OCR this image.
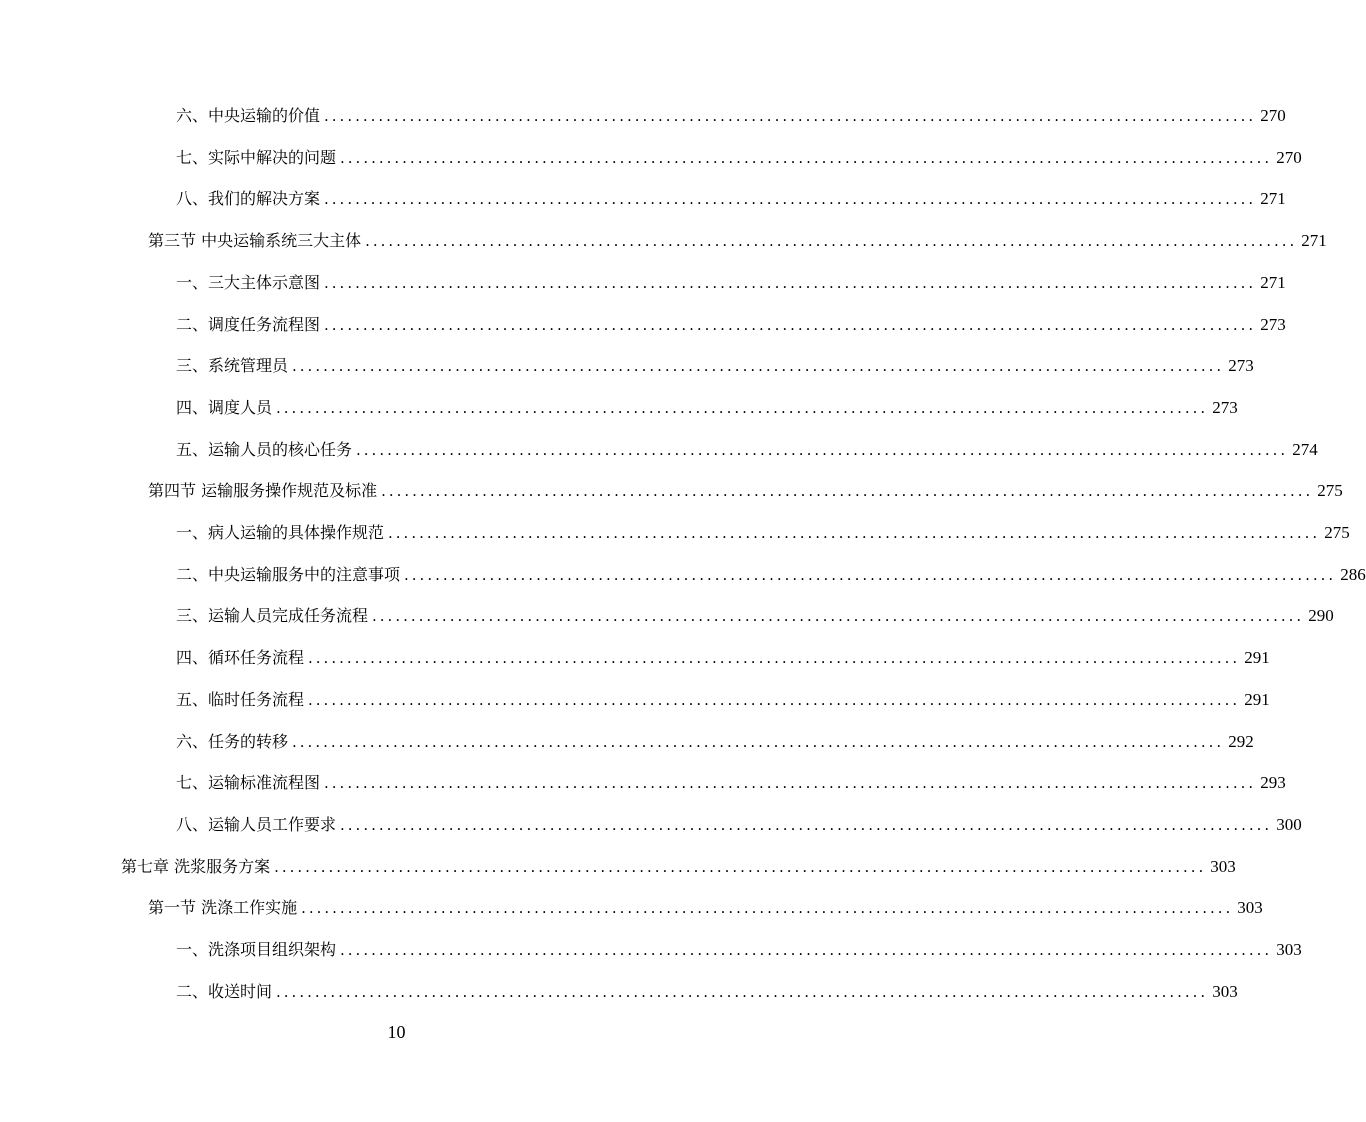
六、中央运输的价值 ........................................................................................................................ 270
七、实际中解决的问题 ........................................................................................................................ 270
八、我们的解决方案 ........................................................................................................................ 271
第三节 中央运输系统三大主体 ........................................................................................................................ 271
一、三大主体示意图 ........................................................................................................................ 271
二、调度任务流程图 ........................................................................................................................ 273
三、系统管理员 ........................................................................................................................ 273
四、调度人员 ........................................................................................................................ 273
五、运输人员的核心任务 ........................................................................................................................ 274
第四节 运输服务操作规范及标准 ........................................................................................................................ 275
一、病人运输的具体操作规范 ........................................................................................................................ 275
二、中央运输服务中的注意事项 ........................................................................................................................ 286
三、运输人员完成任务流程 ........................................................................................................................ 290
四、循环任务流程 ........................................................................................................................ 291
五、临时任务流程 ........................................................................................................................ 291
六、任务的转移 ........................................................................................................................ 292
七、运输标准流程图 ........................................................................................................................ 293
八、运输人员工作要求 ........................................................................................................................ 300
第七章 洗浆服务方案 ........................................................................................................................ 303
第一节 洗涤工作实施 ........................................................................................................................ 303
一、洗涤项目组织架构 ........................................................................................................................ 303
二、收送时间 ........................................................................................................................ 303
10
